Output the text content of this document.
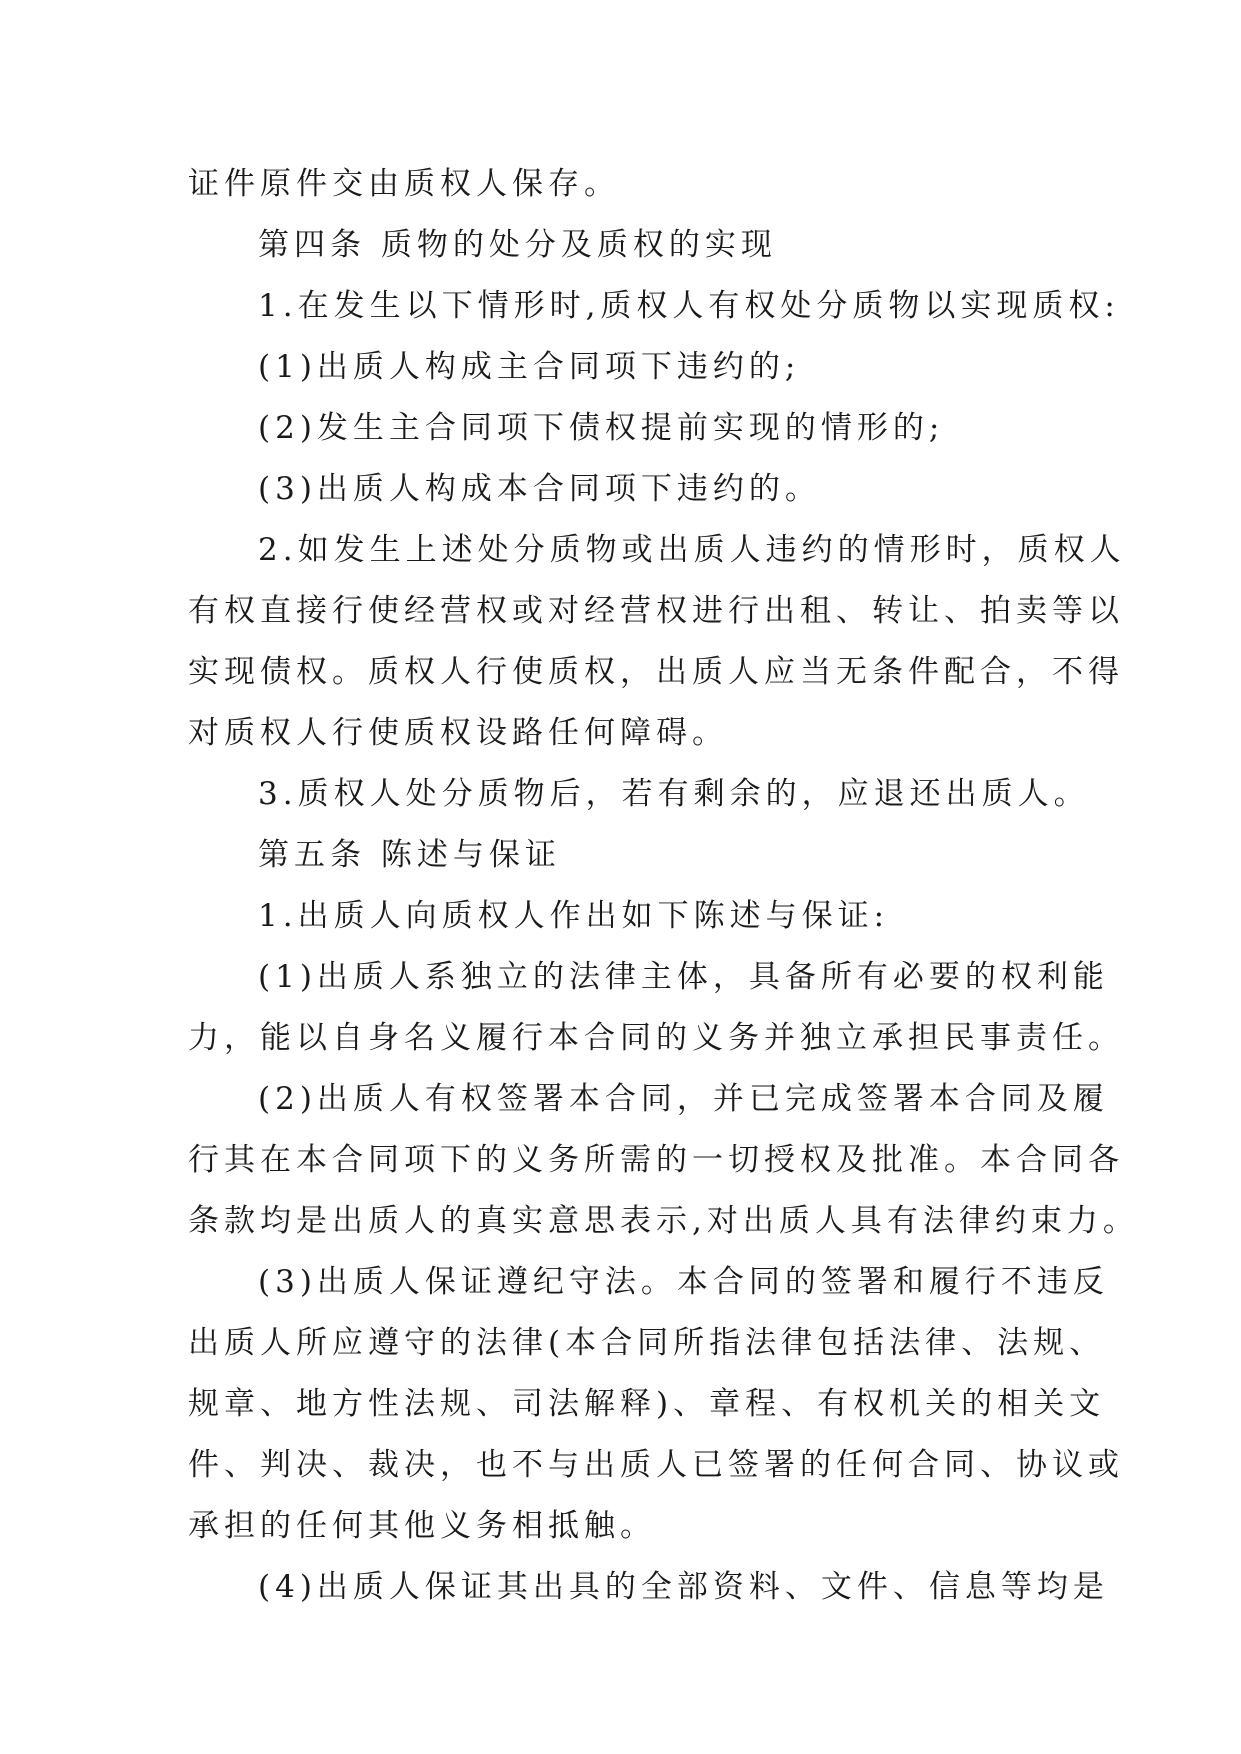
证件原件交由质权人保存。

第四条 质物的处分及质权的实现

1.在发生以下情形时,质权人有权处分质物以实现质权:

(1)出质人构成主合同项下违约的;

(2)发生主合同项下债权提前实现的情形的;

(3)出质人构成本合同项下违约的。

2.如发生上述处分质物或出质人违约的情形时，质权人

有权直接行使经营权或对经营权进行出租、转让、拍卖等以

实现债权。质权人行使质权，出质人应当无条件配合，不得

对质权人行使质权设路任何障碍。

3.质权人处分质物后，若有剩余的，应退还出质人。

第五条 陈述与保证

1.出质人向质权人作出如下陈述与保证:

(1)出质人系独立的法律主体，具备所有必要的权利能

力，能以自身名义履行本合同的义务并独立承担民事责任。

(2)出质人有权签署本合同，并已完成签署本合同及履

行其在本合同项下的义务所需的一切授权及批准。本合同各

条款均是出质人的真实意思表示,对出质人具有法律约束力。

(3)出质人保证遵纪守法。本合同的签署和履行不违反

出质人所应遵守的法律(本合同所指法律包括法律、法规、

规章、地方性法规、司法解释)、章程、有权机关的相关文

件、判决、裁决，也不与出质人已签署的任何合同、协议或

承担的任何其他义务相抵触。

(4)出质人保证其出具的全部资料、文件、信息等均是
